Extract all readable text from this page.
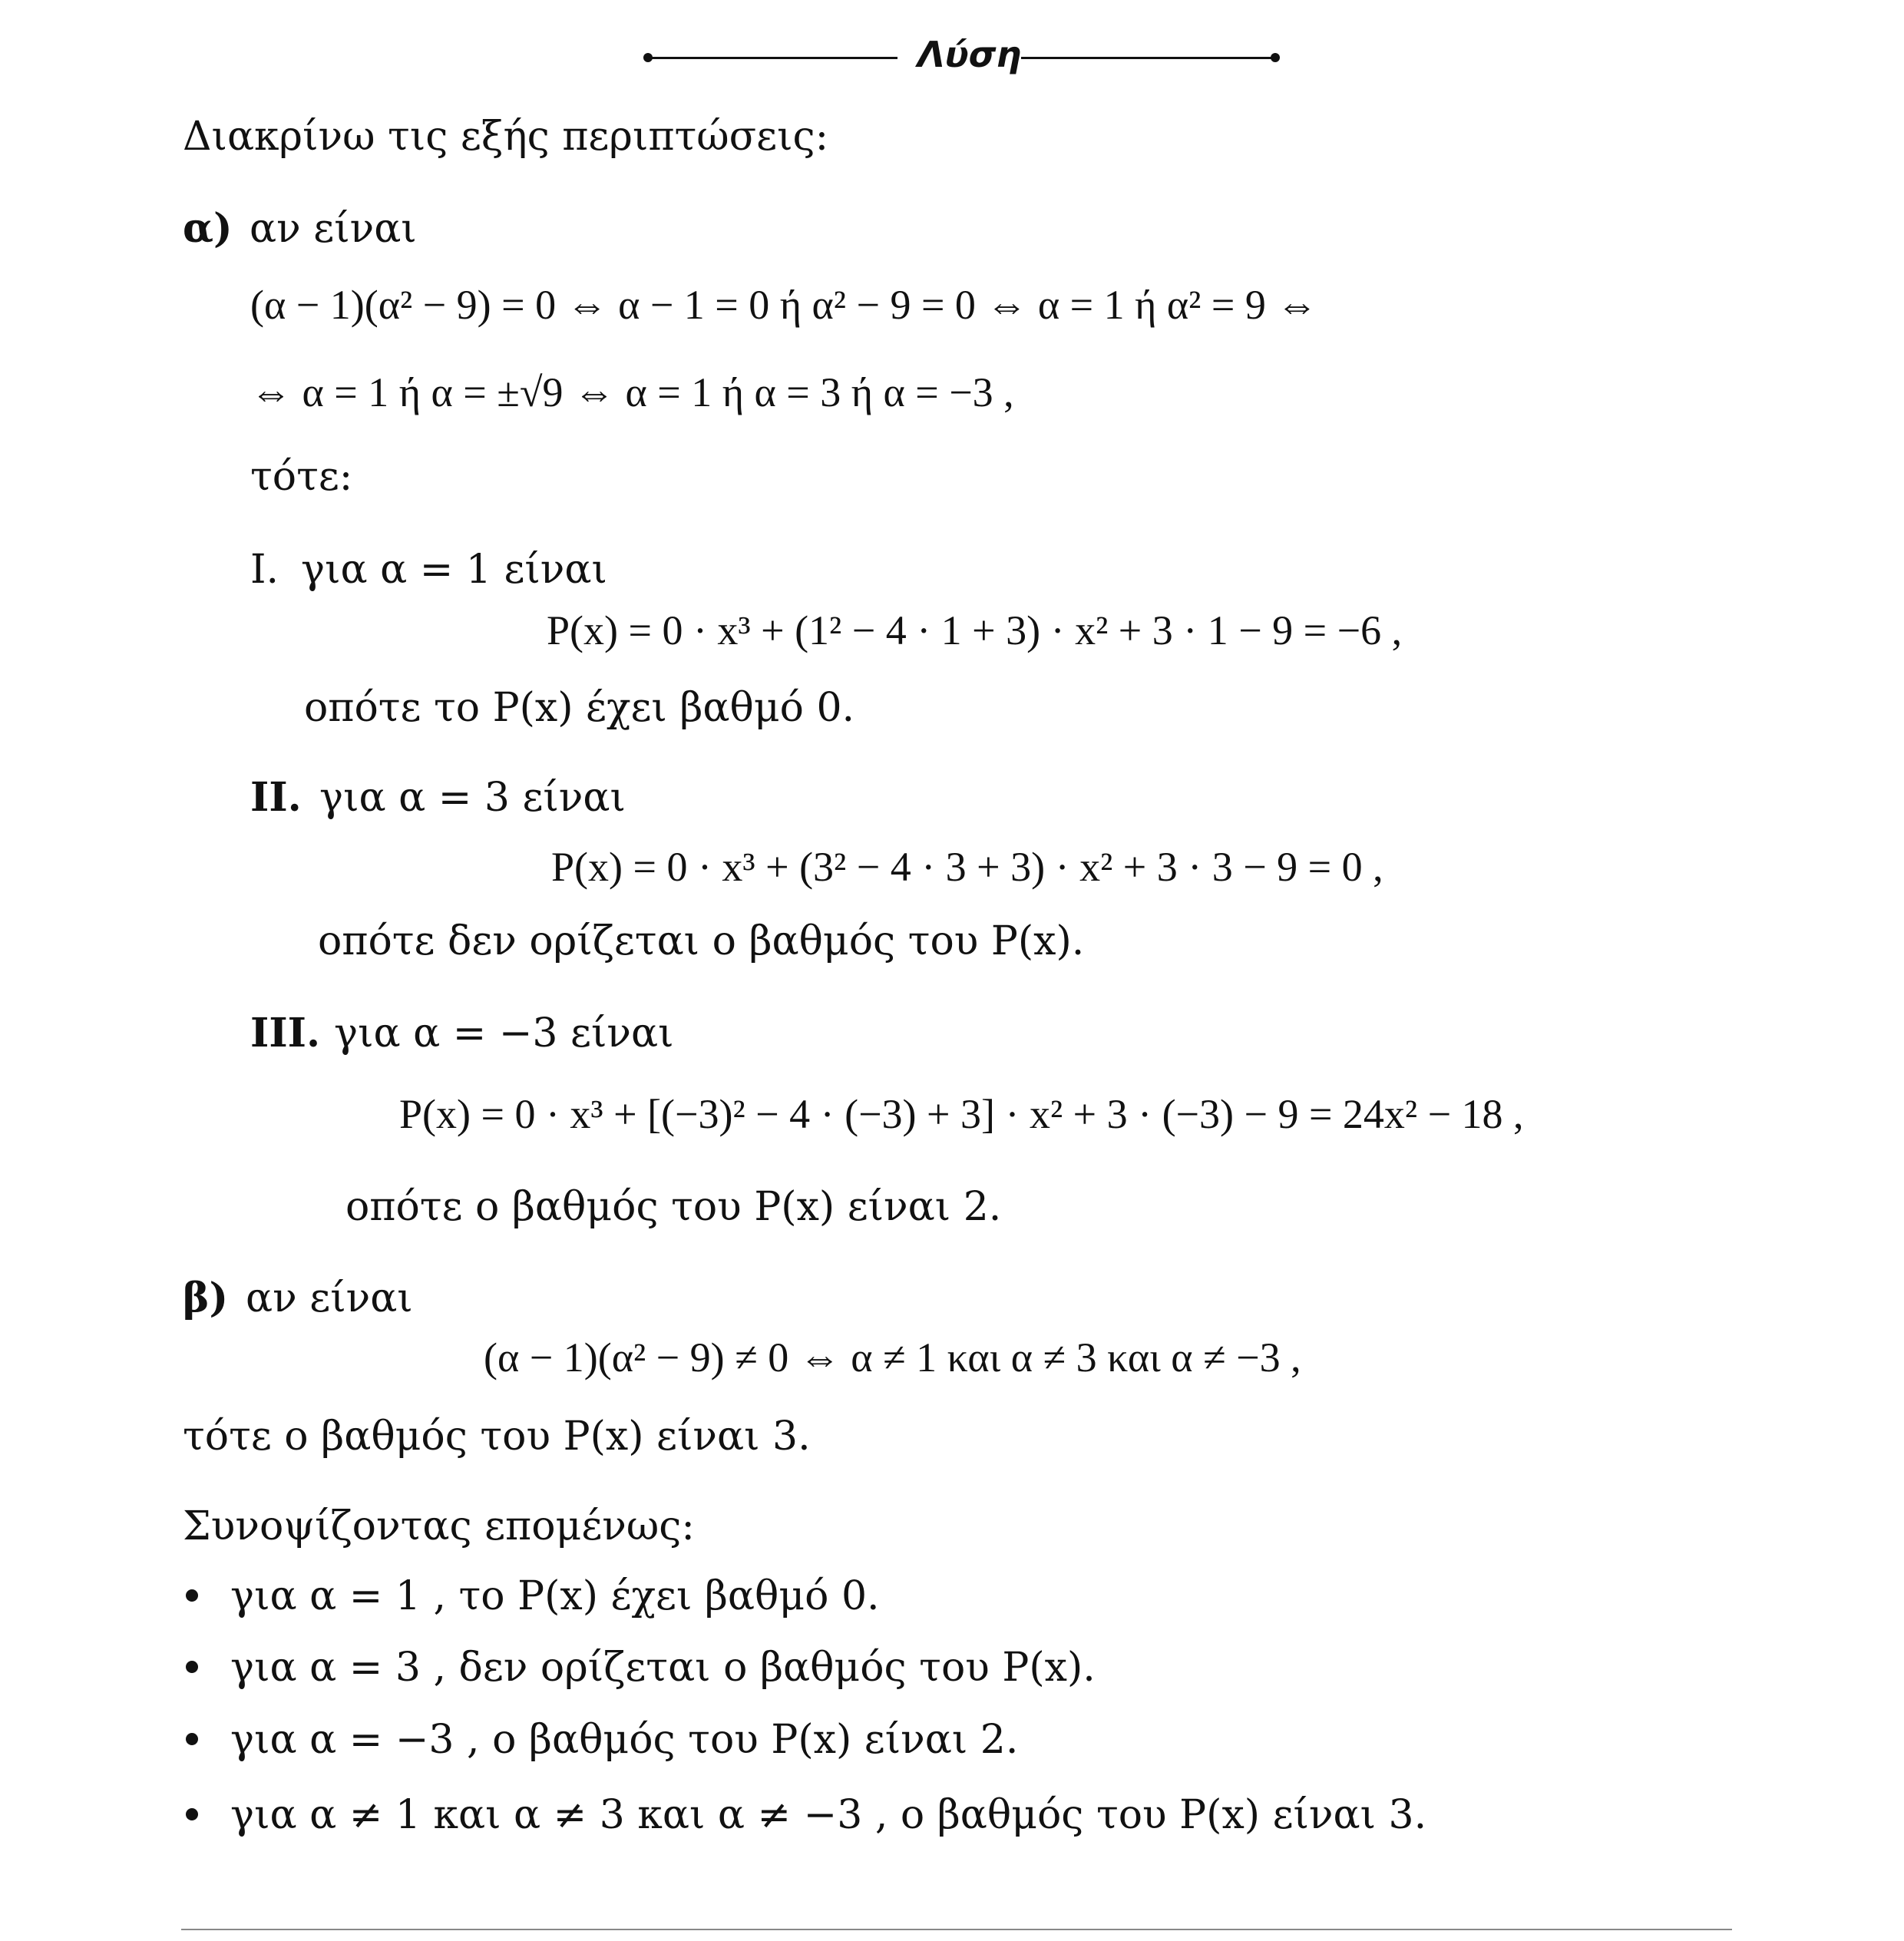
Λύση
Διακρίνω τις εξής περιπτώσεις:
α) αν είναι
(α − 1)(α² − 9) = 0 ⇔ α − 1 = 0 ή α² − 9 = 0 ⇔ α = 1 ή α² = 9 ⇔
⇔ α = 1 ή α = ±√9 ⇔ α = 1 ή α = 3 ή α = −3 ,
τότε:
I. για α = 1 είναι
P(x) = 0 · x³ + (1² − 4 · 1 + 3) · x² + 3 · 1 − 9 = −6 ,
οπότε το P(x) έχει βαθμό 0.
II. για α = 3 είναι
P(x) = 0 · x³ + (3² − 4 · 3 + 3) · x² + 3 · 3 − 9 = 0 ,
οπότε δεν ορίζεται ο βαθμός του P(x).
III. για α = −3 είναι
P(x) = 0 · x³ + [(−3)² − 4 · (−3) + 3] · x² + 3 · (−3) − 9 = 24x² − 18 ,
οπότε ο βαθμός του P(x) είναι 2.
β) αν είναι
(α − 1)(α² − 9) ≠ 0 ⇔ α ≠ 1 και α ≠ 3 και α ≠ −3 ,
τότε ο βαθμός του P(x) είναι 3.
Συνοψίζοντας επομένως:
για α = 1 , το P(x) έχει βαθμό 0.
για α = 3 , δεν ορίζεται ο βαθμός του P(x).
για α = −3 , ο βαθμός του P(x) είναι 2.
για α ≠ 1 και α ≠ 3 και α ≠ −3 , ο βαθμός του P(x) είναι 3.
